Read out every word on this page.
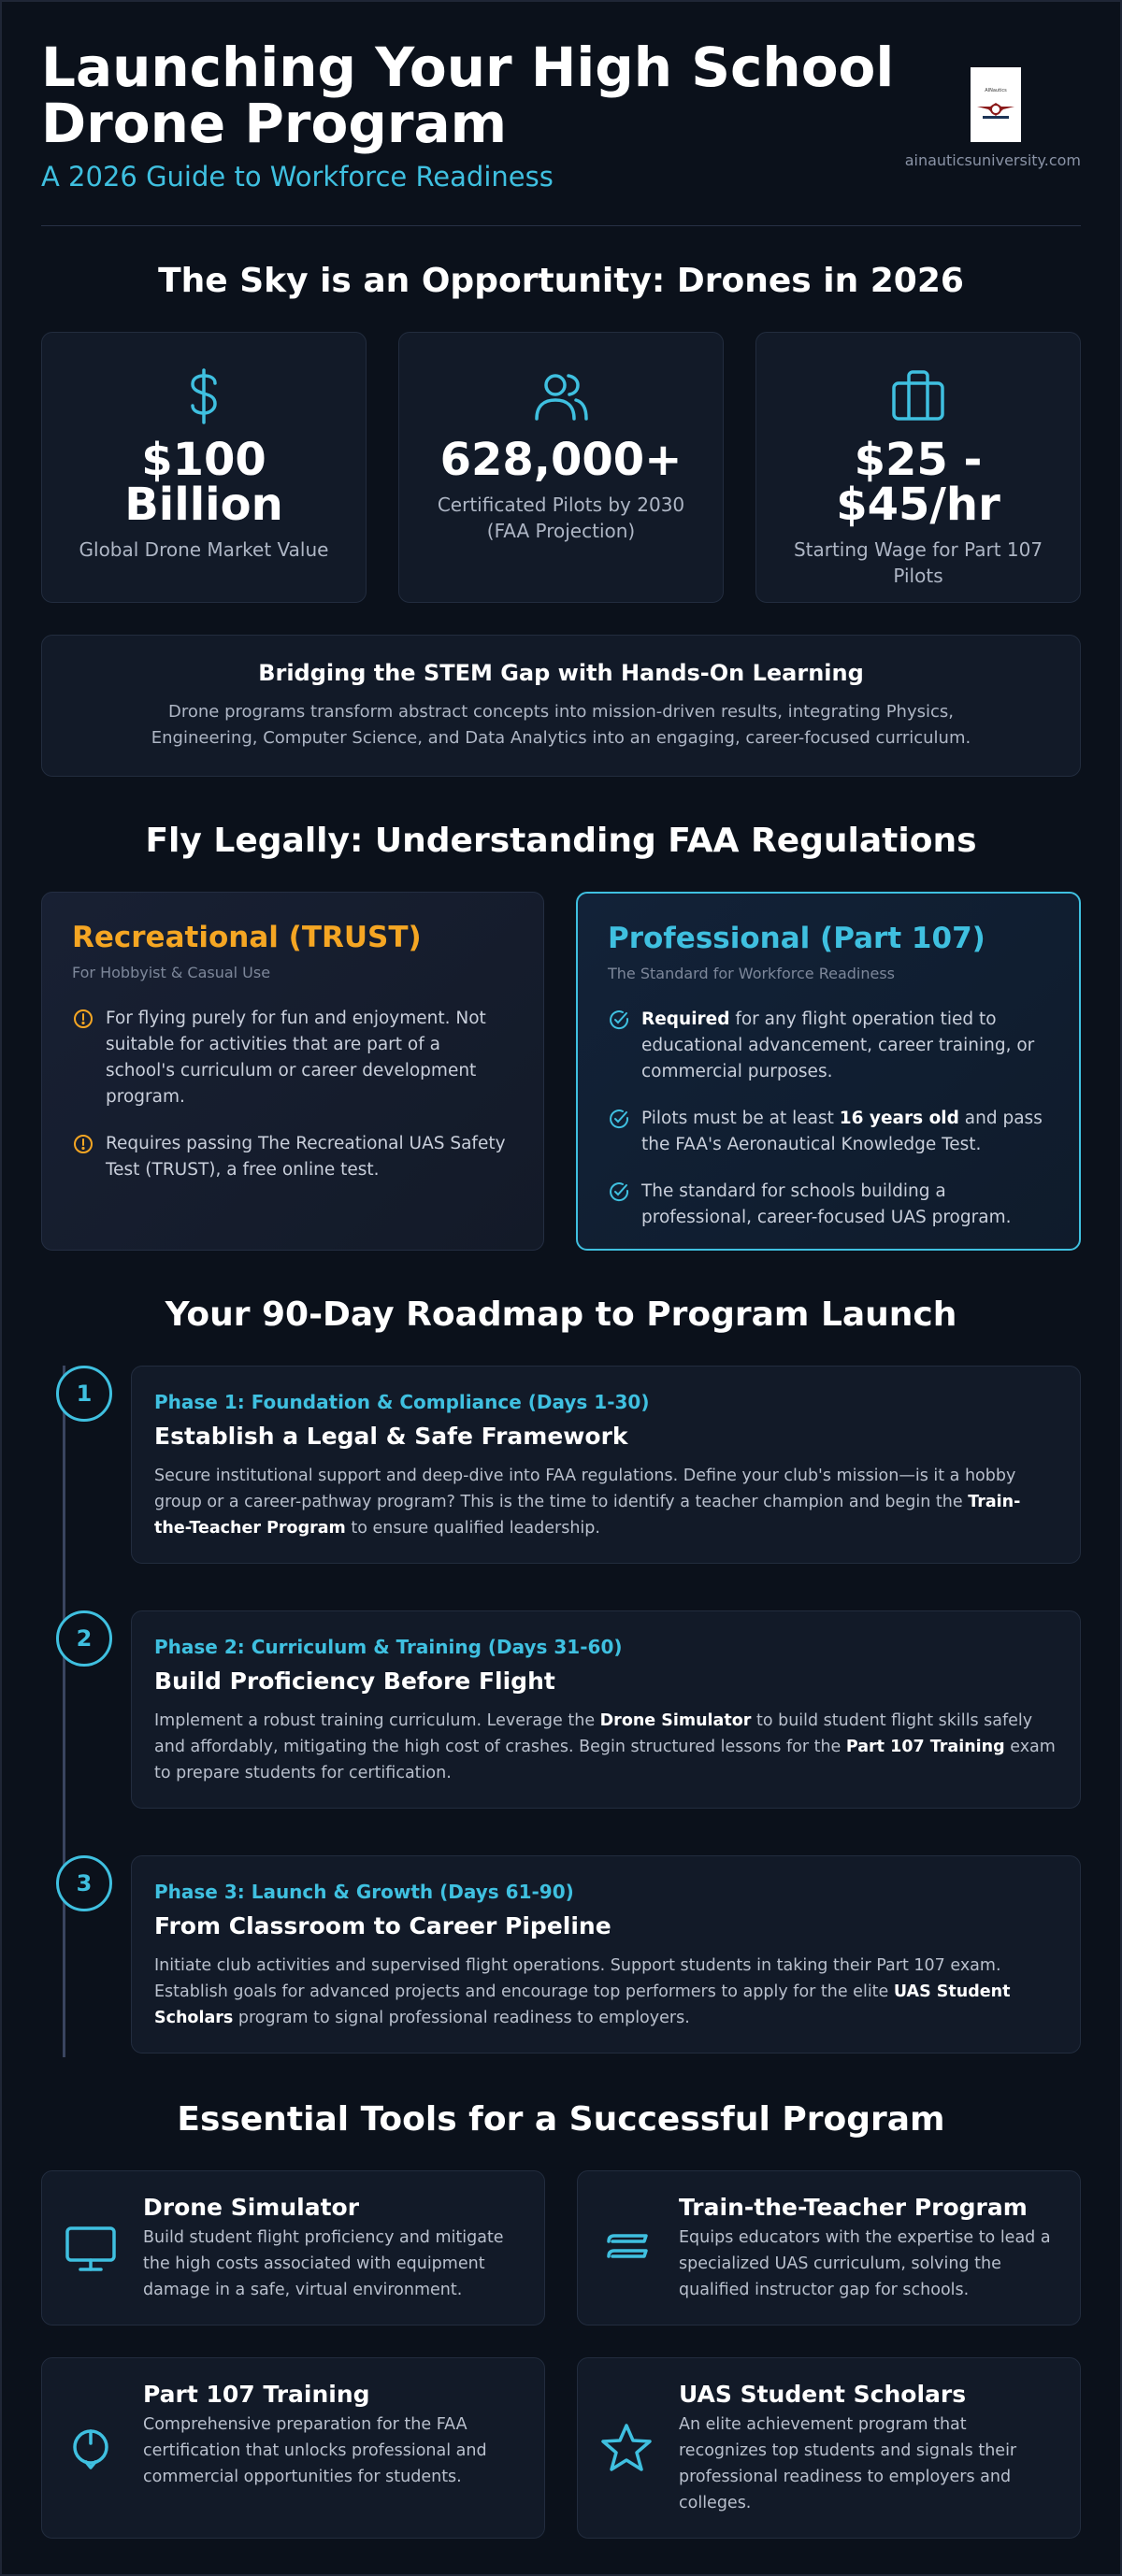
Launching Your High School Drone Program
A 2026 Guide to Workforce Readiness
AINautics
ainauticsuniversity.com
The Sky is an Opportunity: Drones in 2026
$100 Billion
Global Drone Market Value
628,000+
Certificated Pilots by 2030 (FAA Projection)
$25 - $45/hr
Starting Wage for Part 107 Pilots
Bridging the STEM Gap with Hands-On Learning
Drone programs transform abstract concepts into mission-driven results, integrating Physics, Engineering, Computer Science, and Data Analytics into an engaging, career-focused curriculum.
Fly Legally: Understanding FAA Regulations
Recreational (TRUST)
For Hobbyist & Casual Use
For flying purely for fun and enjoyment. Not suitable for activities that are part of a school's curriculum or career development program.
Requires passing The Recreational UAS Safety Test (TRUST), a free online test.
Professional (Part 107)
The Standard for Workforce Readiness
Required for any flight operation tied to educational advancement, career training, or commercial purposes.
Pilots must be at least 16 years old and pass the FAA's Aeronautical Knowledge Test.
The standard for schools building a professional, career-focused UAS program.
Your 90-Day Roadmap to Program Launch
1	Phase 1: Foundation & Compliance (Days 1-30)
Establish a Legal & Safe Framework
Secure institutional support and deep-dive into FAA regulations. Define your club's mission—is it a hobby group or a career-pathway program? This is the time to identify a teacher champion and begin the Train-the-Teacher Program to ensure qualified leadership.
2	Phase 2: Curriculum & Training (Days 31-60)
Build Proficiency Before Flight
Implement a robust training curriculum. Leverage the Drone Simulator to build student flight skills safely and affordably, mitigating the high cost of crashes. Begin structured lessons for the Part 107 Training exam to prepare students for certification.
3	Phase 3: Launch & Growth (Days 61-90)
From Classroom to Career Pipeline
Initiate club activities and supervised flight operations. Support students in taking their Part 107 exam. Establish goals for advanced projects and encourage top performers to apply for the elite UAS Student Scholars program to signal professional readiness to employers.
Essential Tools for a Successful Program
Drone Simulator
Build student flight proficiency and mitigate the high costs associated with equipment damage in a safe, virtual environment.
Train-the-Teacher Program
Equips educators with the expertise to lead a specialized UAS curriculum, solving the qualified instructor gap for schools.
Part 107 Training
Comprehensive preparation for the FAA certification that unlocks professional and commercial opportunities for students.
UAS Student Scholars
An elite achievement program that recognizes top students and signals their professional readiness to employers and colleges.
